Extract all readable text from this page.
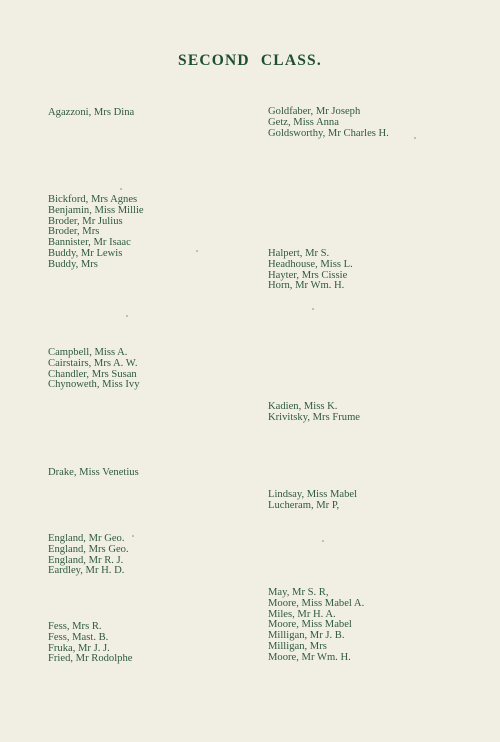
SECOND CLASS.
Agazzoni, Mrs Dina
Bickford, Mrs Agnes
Benjamin, Miss Millie
Broder, Mr Julius
Broder, Mrs
Bannister, Mr Isaac
Buddy, Mr Lewis
Buddy, Mrs
Campbell, Miss A.
Cairstairs, Mrs A. W.
Chandler, Mrs Susan
Chynoweth, Miss Ivy
Drake, Miss Venetius
England, Mr Geo.
England, Mrs Geo.
England, Mr R. J.
Eardley, Mr H. D.
Fess, Mrs R.
Fess, Mast. B.
Fruka, Mr J. J.
Fried, Mr Rodolphe
Goldfaber, Mr Joseph
Getz, Miss Anna
Goldsworthy, Mr Charles H.
Halpert, Mr S.
Headhouse, Miss L.
Hayter, Mrs Cissie
Horn, Mr Wm. H.
Kadien, Miss K.
Krivitsky, Mrs Frume
Lindsay, Miss Mabel
Lucheram, Mr P,
May, Mr S. R,
Moore, Miss Mabel A.
Miles, Mr H. A.
Moore, Miss Mabel
Milligan, Mr J. B.
Milligan, Mrs
Moore, Mr Wm. H.
